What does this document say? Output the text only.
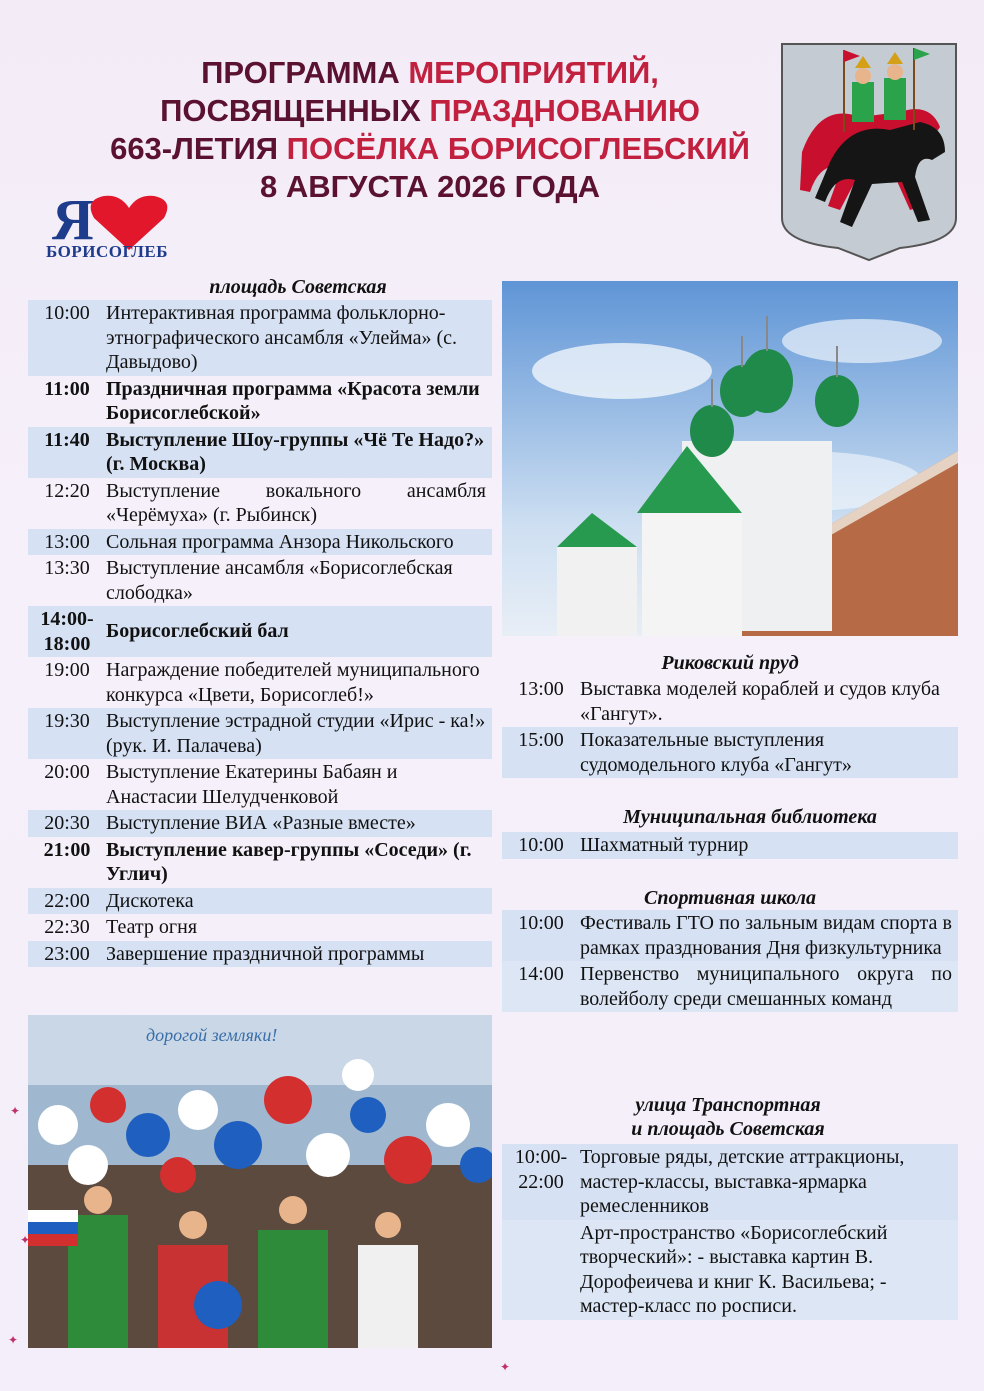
ПРОГРАММА МЕРОПРИЯТИЙ,
ПОСВЯЩЕННЫХ ПРАЗДНОВАНИЮ
663-ЛЕТИЯ ПОСЁЛКА БОРИСОГЛЕБСКИЙ
8 АВГУСТА 2026 ГОДА
Я
БОРИСОГЛЕБ
площадь Советская
10:00 Интерактивная программа фольклорно-этнографического ансамбля «Улейма» (с. Давыдово)
11:00 Праздничная программа «Красота земли Борисоглебской»
11:40 Выступление Шоу-группы «Чё Те Надо?» (г. Москва)
12:20 Выступление вокального ансамбля «Черёмуха» (г. Рыбинск)
13:00 Сольная программа Анзора Никольского
13:30 Выступление ансамбля «Борисоглебская слободка»
14:00-18:00
Борисоглебский бал
19:00 Награждение победителей муниципального конкурса «Цвети, Борисоглеб!»
19:30 Выступление эстрадной студии «Ирис - ка!» (рук. И. Палачева)
20:00 Выступление Екатерины Бабаян и Анастасии Шелудченковой
20:30 Выступление ВИА «Разные вместе»
21:00 Выступление кавер-группы «Соседи» (г. Углич)
22:00 Дискотека
22:30 Театр огня
23:00 Завершение праздничной программы
Риковский пруд
13:00 Выставка моделей кораблей и судов клуба «Гангут».
15:00 Показательные выступления судомодельного клуба «Гангут»
Муниципальная библиотека
10:00 Шахматный турнир
Спортивная школа
10:00 Фестиваль ГТО по зальным видам спорта в рамках празднования Дня физкультурника
14:00 Первенство муниципального округа по волейболу среди смешанных команд
улица Транспортная
и площадь Советская
10:00-22:00
Торговые ряды, детские аттракционы, мастер-классы, выставка-ярмарка ремесленников
Арт-пространство «Борисоглебский творческий»: - выставка картин В. Дорофеичева и книг К. Васильева; - мастер-класс по росписи.
дорогой земляки!
✦
✦
✦
✦
